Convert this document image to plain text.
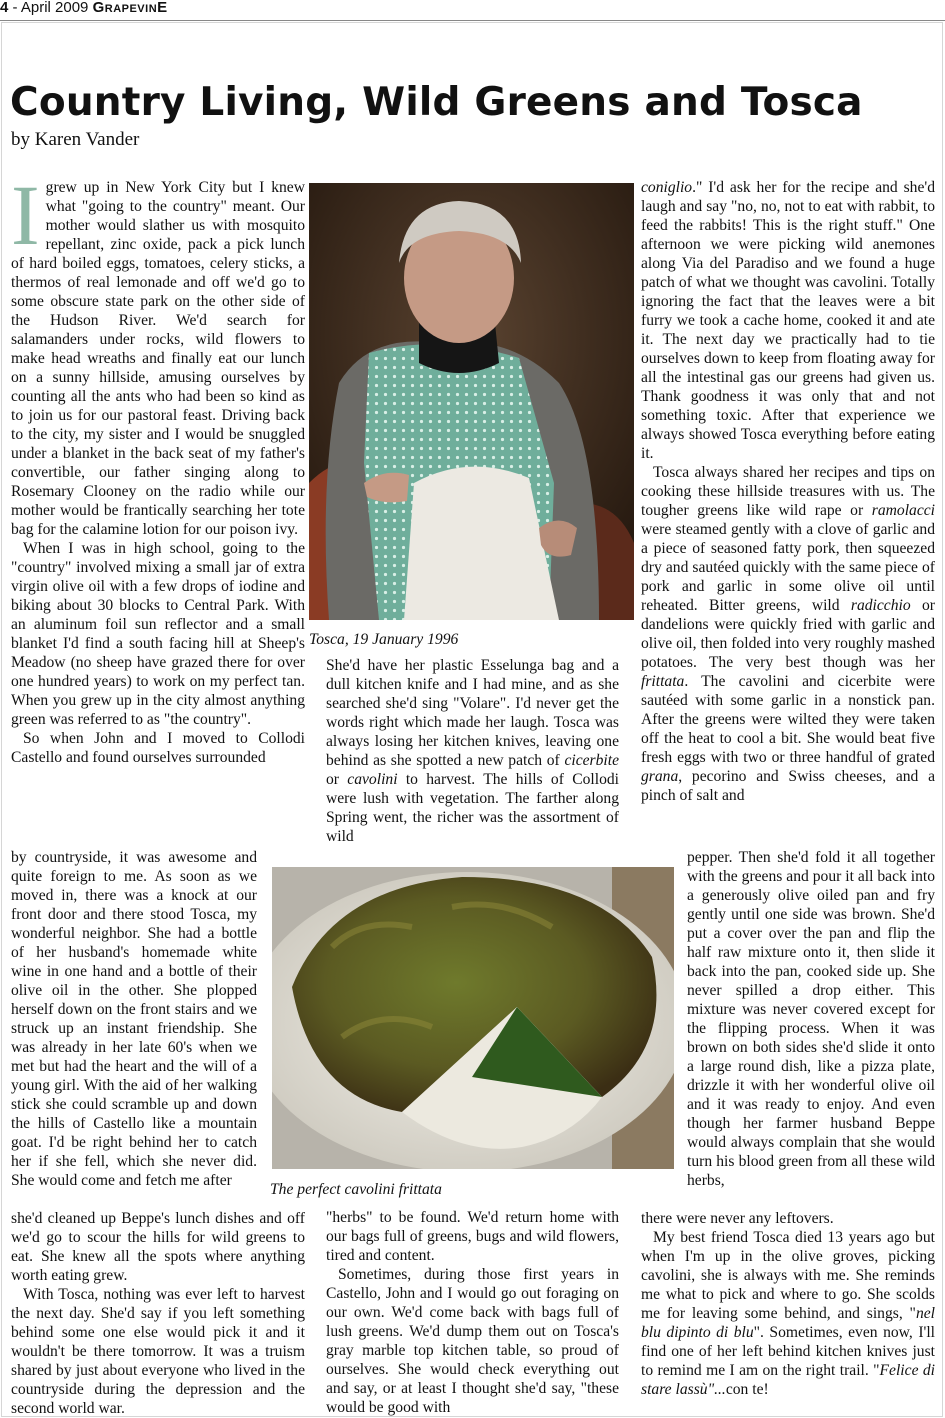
4 - April 2009 GrapevinE
Country Living, Wild Greens and Tosca
by Karen Vander

Igrew up in New York City but I knew what "going to the country" meant. Our mother would slather us with mosquito repellant, zinc oxide, pack a pick lunch of hard boiled eggs, tomatoes, celery sticks, a thermos of real lemonade and off we'd go to some obscure state park on the other side of the Hudson River. We'd search for salamanders under rocks, wild flowers to make head wreaths and finally eat our lunch on a sunny hillside, amusing ourselves by counting all the ants who had been so kind as to join us for our pastoral feast. Driving back to the city, my sister and I would be snuggled under a blanket in the back seat of my father's convertible, our father singing along to Rosemary Clooney on the radio while our mother would be frantically searching her tote bag for the calamine lotion for our poison ivy.

When I was in high school, going to the "country" involved mixing a small jar of extra virgin olive oil with a few drops of iodine and biking about 30 blocks to Central Park. With an aluminum foil sun reflector and a small blanket I'd find a south facing hill at Sheep's Meadow (no sheep have grazed there for over one hundred years) to work on my perfect tan. When you grew up in the city almost anything green was referred to as "the country".

So when John and I moved to Collodi Castello and found ourselves surrounded

by countryside, it was awesome and quite foreign to me. As soon as we moved in, there was a knock at our front door and there stood Tosca, my wonderful neighbor. She had a bottle of her husband's homemade white wine in one hand and a bottle of their olive oil in the other. She plopped herself down on the front stairs and we struck up an instant friendship. She was already in her late 60's when we met but had the heart and the will of a young girl. With the aid of her walking stick she could scramble up and down the hills of Castello like a mountain goat. I'd be right behind her to catch her if she fell, which she never did. She would come and fetch me after

she'd cleaned up Beppe's lunch dishes and off we'd go to scour the hills for wild greens to eat. She knew all the spots where anything worth eating grew.

With Tosca, nothing was ever left to harvest the next day. She'd say if you left something behind some one else would pick it and it wouldn't be there tomorrow. It was a truism shared by just about everyone who lived in the countryside during the depression and the second world war.

Tosca, 19 January 1996

She'd have her plastic Esselunga bag and a dull kitchen knife and I had mine, and as she searched she'd sing "Volare". I'd never get the words right which made her laugh. Tosca was always losing her kitchen knives, leaving one behind as she spotted a new patch of cicerbite or cavolini to harvest. The hills of Collodi were lush with vegetation. The farther along Spring went, the richer was the assortment of wild

The perfect cavolini frittata

"herbs" to be found. We'd return home with our bags full of greens, bugs and wild flowers, tired and content.

Sometimes, during those first years in Castello, John and I would go out foraging on our own. We'd come back with bags full of lush greens. We'd dump them out on Tosca's gray marble top kitchen table, so proud of ourselves. She would check everything out and say, or at least I thought she'd say, "these would be good with

coniglio." I'd ask her for the recipe and she'd laugh and say "no, no, not to eat with rabbit, to feed the rabbits! This is the right stuff." One afternoon we were picking wild anemones along Via del Paradiso and we found a huge patch of what we thought was cavolini. Totally ignoring the fact that the leaves were a bit furry we took a cache home, cooked it and ate it. The next day we practically had to tie ourselves down to keep from floating away for all the intestinal gas our greens had given us. Thank goodness it was only that and not something toxic. After that experience we always showed Tosca everything before eating it.

Tosca always shared her recipes and tips on cooking these hillside treasures with us. The tougher greens like wild rape or ramolacci were steamed gently with a clove of garlic and a piece of seasoned fatty pork, then squeezed dry and sautéed quickly with the same piece of pork and garlic in some olive oil until reheated. Bitter greens, wild radicchio or dandelions were quickly fried with garlic and olive oil, then folded into very roughly mashed potatoes. The very best though was her frittata. The cavolini and cicerbite were sautéed with some garlic in a nonstick pan. After the greens were wilted they were taken off the heat to cool a bit. She would beat five fresh eggs with two or three handful of grated grana, pecorino and Swiss cheeses, and a pinch of salt and

pepper. Then she'd fold it all together with the greens and pour it all back into a generously olive oiled pan and fry gently until one side was brown. She'd put a cover over the pan and flip the half raw mixture onto it, then slide it back into the pan, cooked side up. She never spilled a drop either. This mixture was never covered except for the flipping process. When it was brown on both sides she'd slide it onto a large round dish, like a pizza plate, drizzle it with her wonderful olive oil and it was ready to enjoy. And even though her farmer husband Beppe would always complain that she would turn his blood green from all these wild herbs,

there were never any leftovers.

My best friend Tosca died 13 years ago but when I'm up in the olive groves, picking cavolini, she is always with me. She reminds me what to pick and where to go. She scolds me for leaving some behind, and sings, "nel blu dipinto di blu". Sometimes, even now, I'll find one of her left behind kitchen knives just to remind me I am on the right trail. "Felice di stare lassù"...con te!
